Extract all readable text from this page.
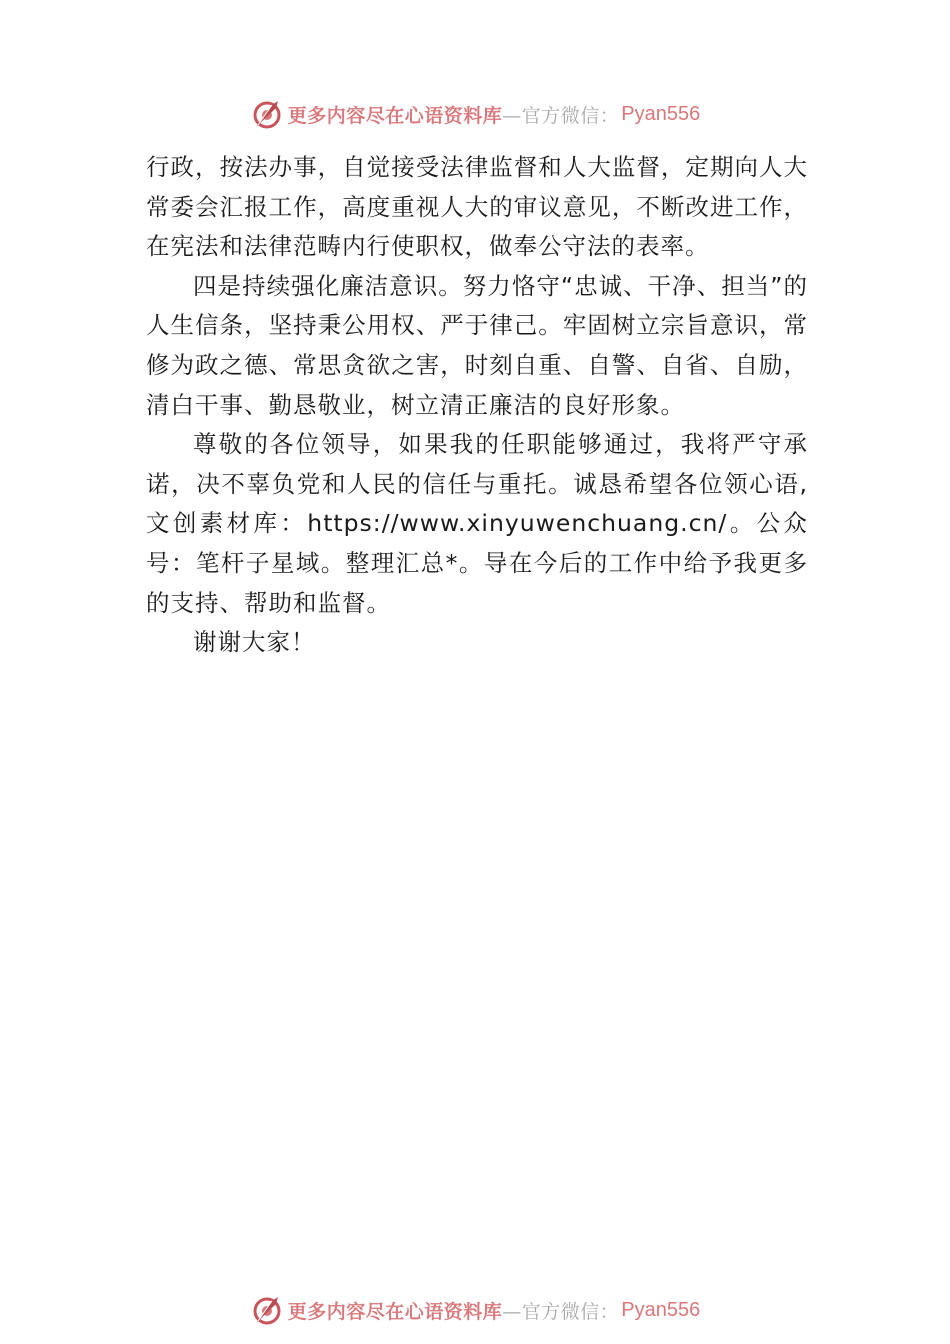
更多内容尽在心语资料库 —官方微信： Pyan556

行政，按法办事，自觉接受法律监督和人大监督，定期向人大常委会汇报工作，高度重视人大的审议意见，不断改进工作，在宪法和法律范畴内行使职权，做奉公守法的表率。

四是持续强化廉洁意识。努力恪守“忠诚、干净、担当”的人生信条，坚持秉公用权、严于律己。牢固树立宗旨意识，常修为政之德、常思贪欲之害，时刻自重、自警、自省、自励，清白干事、勤恳敬业，树立清正廉洁的良好形象。

尊敬的各位领导，如果我的任职能够通过，我将严守承诺，决不辜负党和人民的信任与重托。诚恳希望各位领心语,文创素材库：https://www.xinyuwenchuang.cn/。公众号：笔杆子星域。整理汇总*。导在今后的工作中给予我更多的支持、帮助和监督。

谢谢大家！

更多内容尽在心语资料库 —官方微信： Pyan556
